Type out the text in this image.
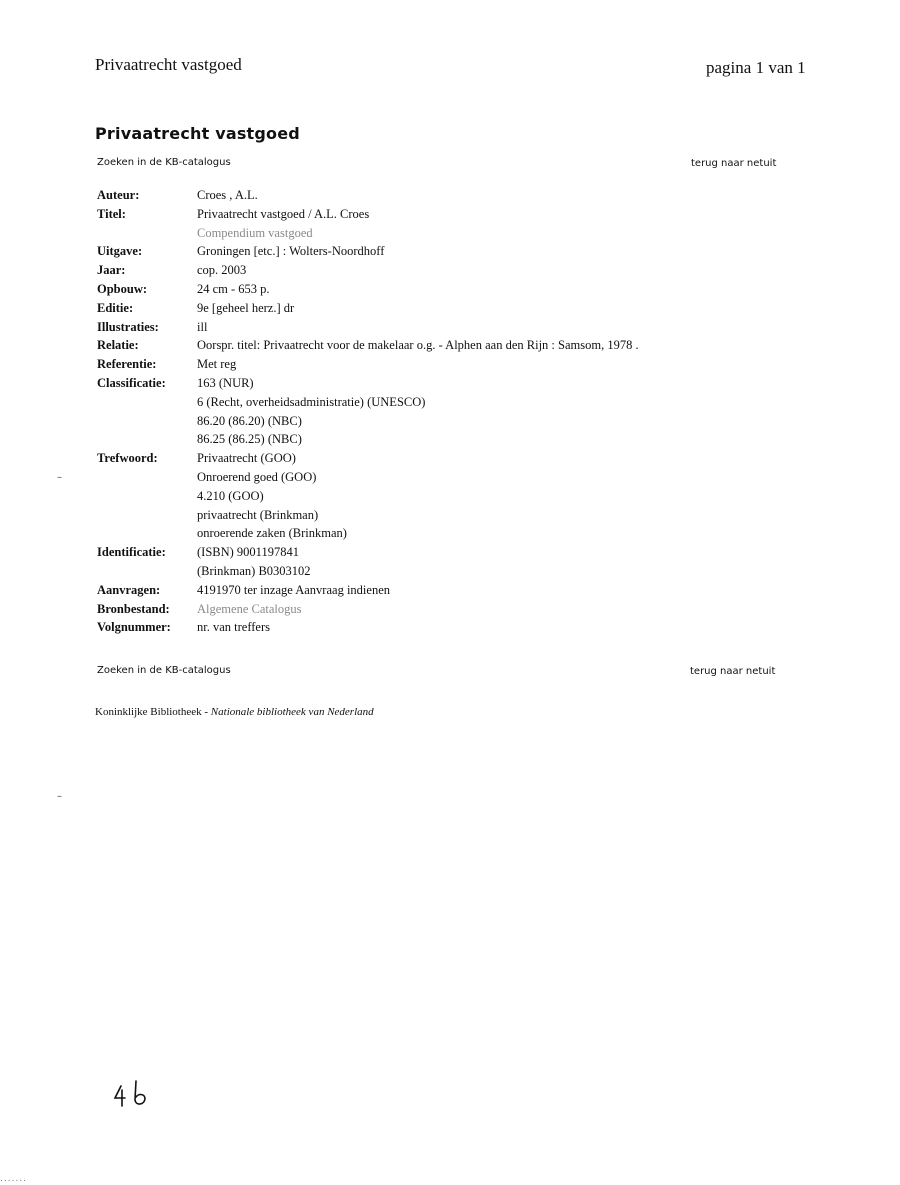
Privaatrecht vastgoed	pagina 1 van 1
Privaatrecht vastgoed
Zoeken in de KB-catalogus	terug naar netuit
Auteur:	Croes , A.L.
Titel:	Privaatrecht vastgoed / A.L. Croes
Compendium vastgoed
Uitgave:	Groningen [etc.] : Wolters-Noordhoff
Jaar:	cop. 2003
Opbouw:	24 cm - 653 p.
Editie:	9e [geheel herz.] dr
Illustraties:	ill
Relatie:	Oorspr. titel: Privaatrecht voor de makelaar o.g. - Alphen aan den Rijn : Samsom, 1978 .
Referentie:	Met reg
Classificatie:	163 (NUR)
6 (Recht, overheidsadministratie) (UNESCO)
86.20 (86.20) (NBC)
86.25 (86.25) (NBC)
Trefwoord:	Privaatrecht (GOO)
Onroerend goed (GOO)
4.210 (GOO)
privaatrecht (Brinkman)
onroerende zaken (Brinkman)
Identificatie:	(ISBN) 9001197841
(Brinkman) B0303102
Aanvragen:	4191970 ter inzage Aanvraag indienen
Bronbestand:	Algemene Catalogus
Volgnummer:	nr. van treffers
Zoeken in de KB-catalogus	terug naar netuit
Koninklijke Bibliotheek - Nationale bibliotheek van Nederland
–
–
.......
